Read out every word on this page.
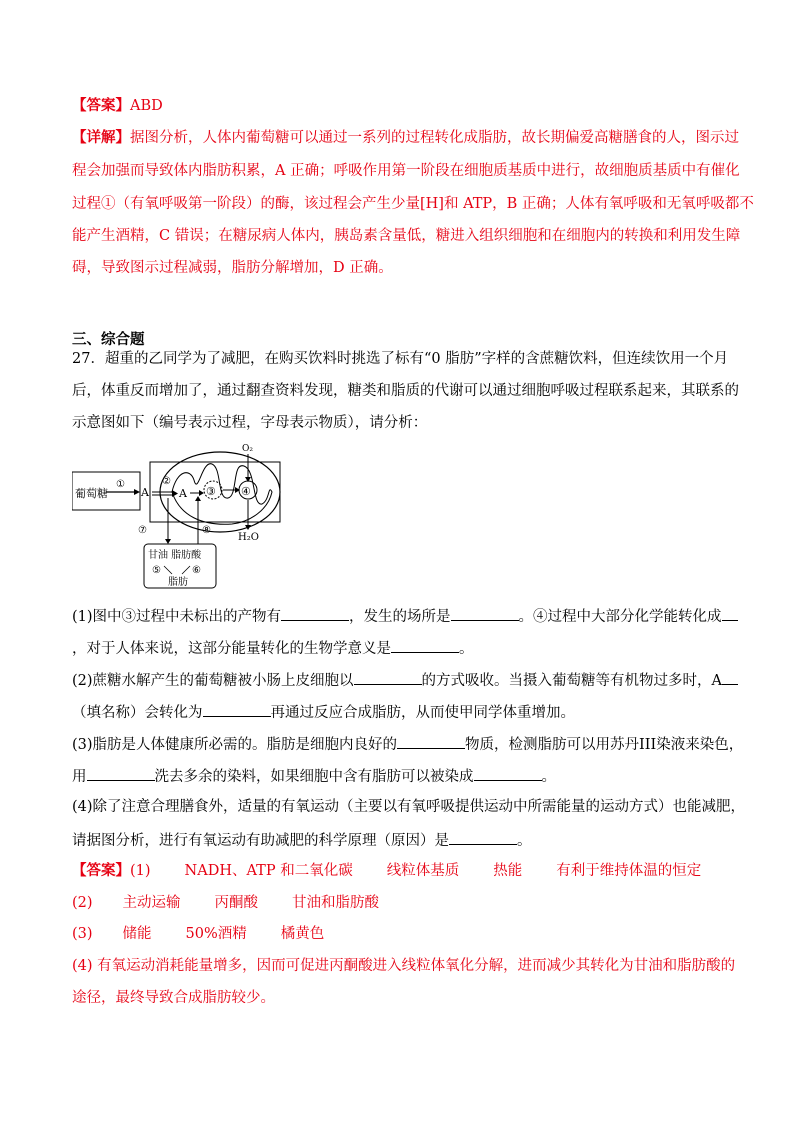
【答案】ABD
【详解】据图分析，人体内葡萄糖可以通过一系列的过程转化成脂肪，故长期偏爱高糖膳食的人，图示过
程会加强而导致体内脂肪积累，A 正确；呼吸作用第一阶段在细胞质基质中进行，故细胞质基质中有催化
过程①（有氧呼吸第一阶段）的酶，该过程会产生少量[H]和 ATP，B 正确；人体有氧呼吸和无氧呼吸都不
能产生酒精，C 错误；在糖尿病人体内，胰岛素含量低，糖进入组织细胞和在细胞内的转换和利用发生障
碍，导致图示过程减弱，脂肪分解增加，D 正确。
三、综合题
27．超重的乙同学为了减肥，在购买饮料时挑选了标有“0 脂肪”字样的含蔗糖饮料，但连续饮用一个月
后，体重反而增加了，通过翻查资料发现，糖类和脂质的代谢可以通过细胞呼吸过程联系起来，其联系的
示意图如下（编号表示过程，字母表示物质），请分析：
葡萄糖
①
A
②
A ③ ④
O₂
H₂O
⑦	⑧
甘油 脂肪酸
⑤	⑥
脂肪
(1)图中③过程中未标出的产物有	，发生的场所是	。④过程中大部分化学能转化成
，对于人体来说，这部分能量转化的生物学意义是	。
(2)蔗糖水解产生的葡萄糖被小肠上皮细胞以	的方式吸收。当摄入葡萄糖等有机物过多时，A
（填名称）会转化为	再通过反应合成脂肪，从而使甲同学体重增加。
(3)脂肪是人体健康所必需的。脂肪是细胞内良好的	物质，检测脂肪可以用苏丹III染液来染色，
用	洗去多余的染料，如果细胞中含有脂肪可以被染成	。
(4)除了注意合理膳食外，适量的有氧运动（主要以有氧呼吸提供运动中所需能量的运动方式）也能减肥，
请据图分析，进行有氧运动有助减肥的科学原理（原因）是	。
【答案】(1) NADH、ATP 和二氧化碳 线粒体基质 热能 有利于维持体温的恒定
(2) 主动运输 丙酮酸 甘油和脂肪酸
(3) 储能 50%酒精 橘黄色
(4) 有氧运动消耗能量增多，因而可促进丙酮酸进入线粒体氧化分解，进而减少其转化为甘油和脂肪酸的
途径，最终导致合成脂肪较少。
